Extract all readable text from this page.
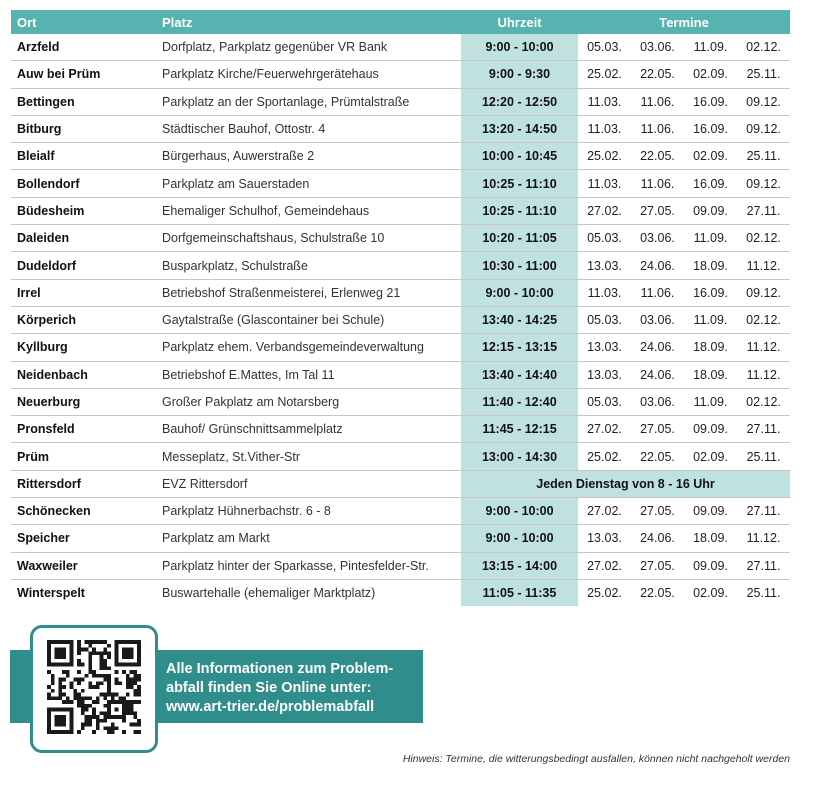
Ort	Platz	Uhrzeit	Termine			
Arzfeld	Dorfplatz, Parkplatz gegenüber VR Bank	9:00 - 10:00	05.03.	03.06.	11.09.	02.12.
Auw bei Prüm	Parkplatz Kirche/Feuerwehrgerätehaus	9:00 - 9:30	25.02.	22.05.	02.09.	25.11.
Bettingen	Parkplatz an der Sportanlage, Prümtalstraße	12:20 - 12:50	11.03.	11.06.	16.09.	09.12.
Bitburg	Städtischer Bauhof, Ottostr. 4	13:20 - 14:50	11.03.	11.06.	16.09.	09.12.
Bleialf	Bürgerhaus, Auwerstraße 2	10:00 - 10:45	25.02.	22.05.	02.09.	25.11.
Bollendorf	Parkplatz am Sauerstaden	10:25 - 11:10	11.03.	11.06.	16.09.	09.12.
Büdesheim	Ehemaliger Schulhof, Gemeindehaus	10:25 - 11:10	27.02.	27.05.	09.09.	27.11.
Daleiden	Dorfgemeinschaftshaus, Schulstraße 10	10:20 - 11:05	05.03.	03.06.	11.09.	02.12.
Dudeldorf	Busparkplatz, Schulstraße	10:30 - 11:00	13.03.	24.06.	18.09.	11.12.
Irrel	Betriebshof Straßenmeisterei, Erlenweg 21	9:00 - 10:00	11.03.	11.06.	16.09.	09.12.
Körperich	Gaytalstraße (Glascontainer bei Schule)	13:40 - 14:25	05.03.	03.06.	11.09.	02.12.
Kyllburg	Parkplatz ehem. Verbandsgemeindeverwaltung	12:15 - 13:15	13.03.	24.06.	18.09.	11.12.
Neidenbach	Betriebshof E.Mattes, Im Tal 11	13:40 - 14:40	13.03.	24.06.	18.09.	11.12.
Neuerburg	Großer Pakplatz am Notarsberg	11:40 - 12:40	05.03.	03.06.	11.09.	02.12.
Pronsfeld	Bauhof/ Grünschnittsammelplatz	11:45 - 12:15	27.02.	27.05.	09.09.	27.11.
Prüm	Messeplatz, St.Vither-Str	13:00 - 14:30	25.02.	22.05.	02.09.	25.11.
Rittersdorf	EVZ Rittersdorf	Jeden Dienstag von 8 - 16 Uhr				
Schönecken	Parkplatz Hühnerbachstr. 6 - 8	9:00 - 10:00	27.02.	27.05.	09.09.	27.11.
Speicher	Parkplatz am Markt	9:00 - 10:00	13.03.	24.06.	18.09.	11.12.
Waxweiler	Parkplatz hinter der Sparkasse, Pintesfelder-Str.	13:15 - 14:00	27.02.	27.05.	09.09.	27.11.
Winterspelt	Buswartehalle (ehemaliger Marktplatz)	11:05 - 11:35	25.02.	22.05.	02.09.	25.11.
Alle Informationen zum Problem-
abfall finden Sie Online unter:
www.art-trier.de/problemabfall
Hinweis: Termine, die witterungsbedingt ausfallen, können nicht nachgeholt werden
